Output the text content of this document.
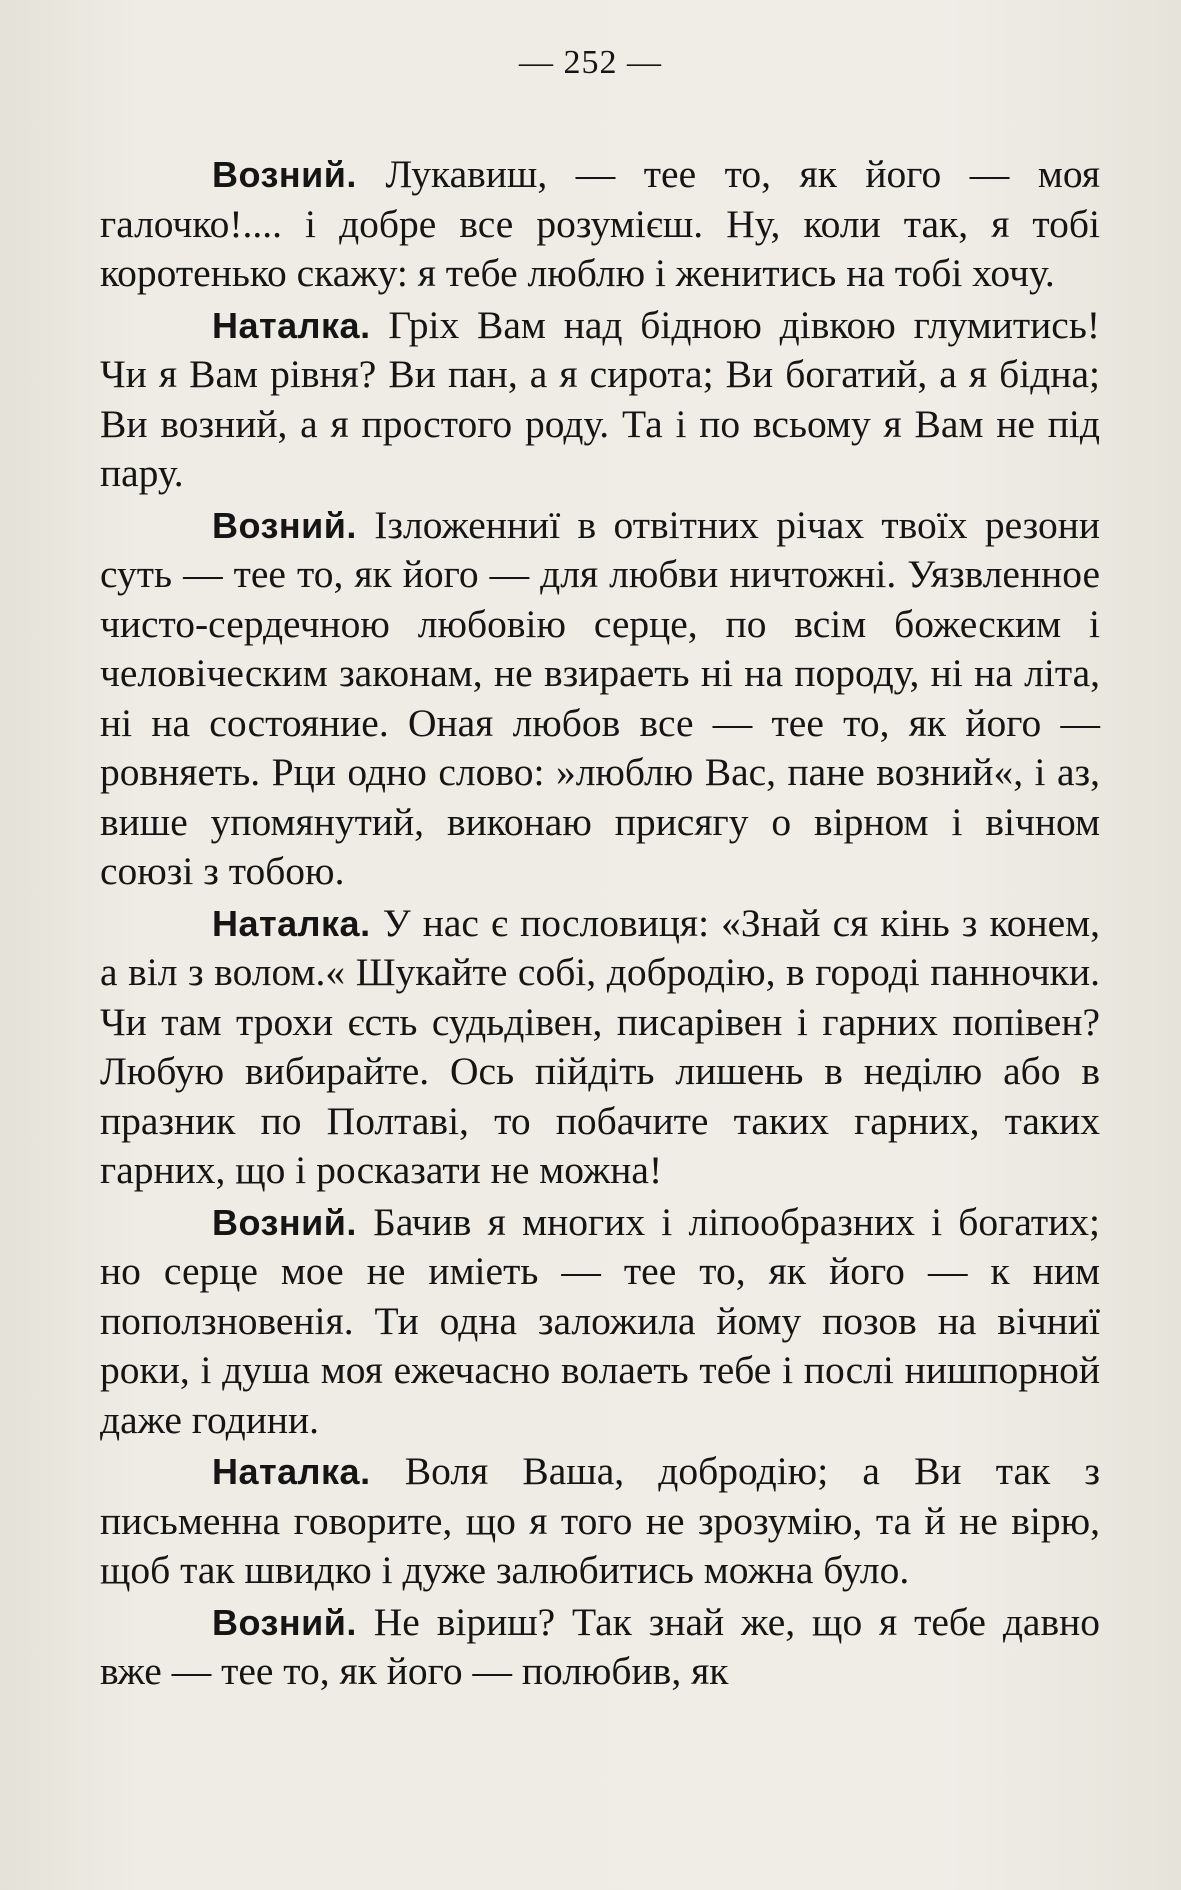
— 252 —

Возний. Лукавиш, — тее то, як його — моя галочко!.... і добре все розумієш. Ну, коли так, я тобі коротенько скажу: я тебе люблю і женитись на тобі хочу.

Наталка. Гріх Вам над бідною дівкою глумитись! Чи я Вам рівня? Ви пан, а я сирота; Ви богатий, а я бідна; Ви возний, а я простого роду. Та і по всьому я Вам не під пару.

Возний. Ізложенниї в отвітних річах твоїх резони суть — тее то, як його — для любви ничтожні. Уязвленное чисто-сердечною любовію серце, по всім божеским і человіческим законам, не взираеть ні на породу, ні на літа, ні на состояние. Оная любов все — тее то, як його — ровняеть. Рци одно слово: »люблю Вас, пане возний«, і аз, више упомянутий, виконаю присягу о вірном і вічном союзі з тобою.

Наталка. У нас є пословиця: «Знай ся кінь з конем, а віл з волом.« Шукайте собі, добродію, в городі панночки. Чи там трохи єсть судьдівен, писарівен і гарних попівен? Любую вибирайте. Ось пійдіть лишень в неділю або в празник по Полтаві, то побачите таких гарних, таких гарних, що і росказати не можна!

Возний. Бачив я многих і ліпообразних і богатих; но серце мое не иміеть — тее то, як його — к ним поползновенія. Ти одна заложила йому позов на вічниї роки, і душа моя ежечасно волаеть тебе і послі нишпорной даже години.

Наталка. Воля Ваша, добродію; а Ви так з письменна говорите, що я того не зрозумію, та й не вірю, щоб так швидко і дуже залюбитись можна було.

Возний. Не віриш? Так знай же, що я тебе давно вже — тее то, як його — полюбив, як
